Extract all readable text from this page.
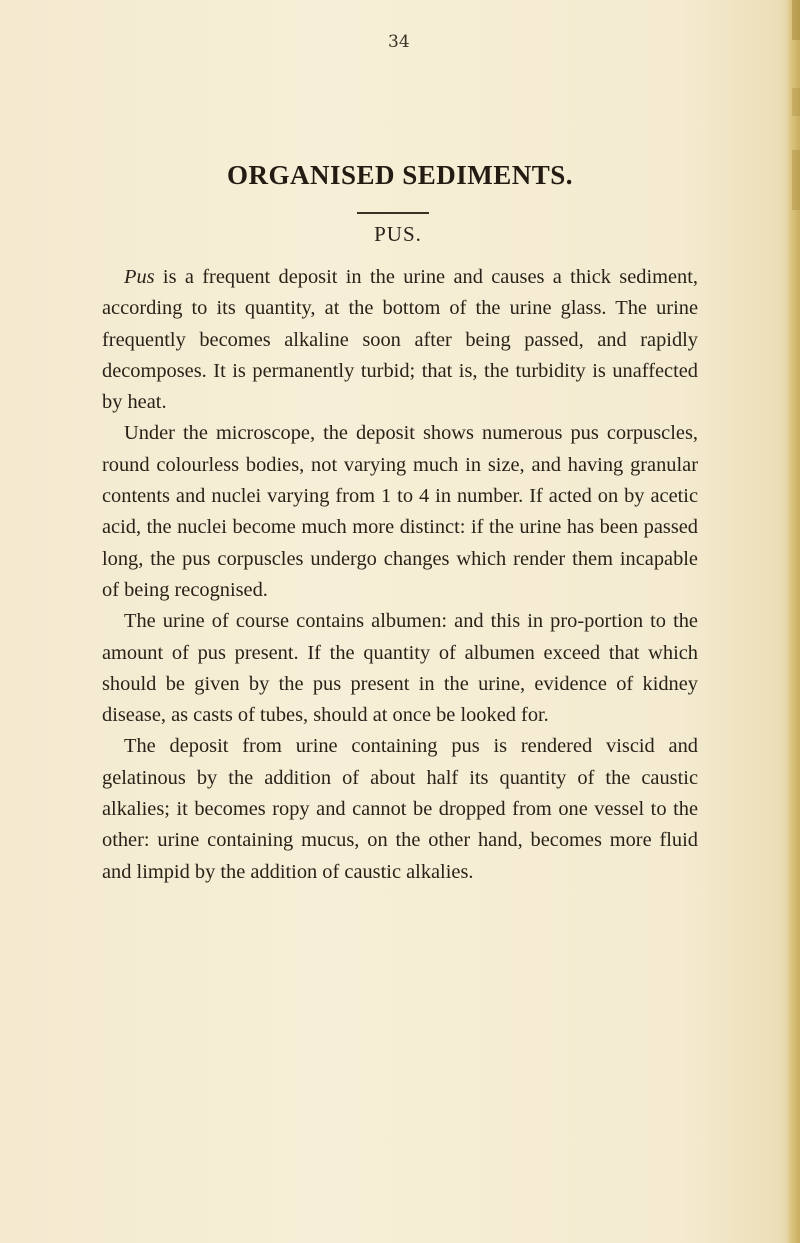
34
ORGANISED SEDIMENTS.
PUS.

Pus is a frequent deposit in the urine and causes a thick sediment, according to its quantity, at the bottom of the urine glass. The urine frequently becomes alkaline soon after being passed, and rapidly decomposes. It is permanently turbid; that is, the turbidity is unaffected by heat.

Under the microscope, the deposit shows numerous pus corpuscles, round colourless bodies, not varying much in size, and having granular contents and nuclei varying from 1 to 4 in number. If acted on by acetic acid, the nuclei become much more distinct: if the urine has been passed long, the pus corpuscles undergo changes which render them incapable of being recognised.

The urine of course contains albumen: and this in pro-portion to the amount of pus present. If the quantity of albumen exceed that which should be given by the pus present in the urine, evidence of kidney disease, as casts of tubes, should at once be looked for.

The deposit from urine containing pus is rendered viscid and gelatinous by the addition of about half its quantity of the caustic alkalies; it becomes ropy and cannot be dropped from one vessel to the other: urine containing mucus, on the other hand, becomes more fluid and limpid by the addition of caustic alkalies.
